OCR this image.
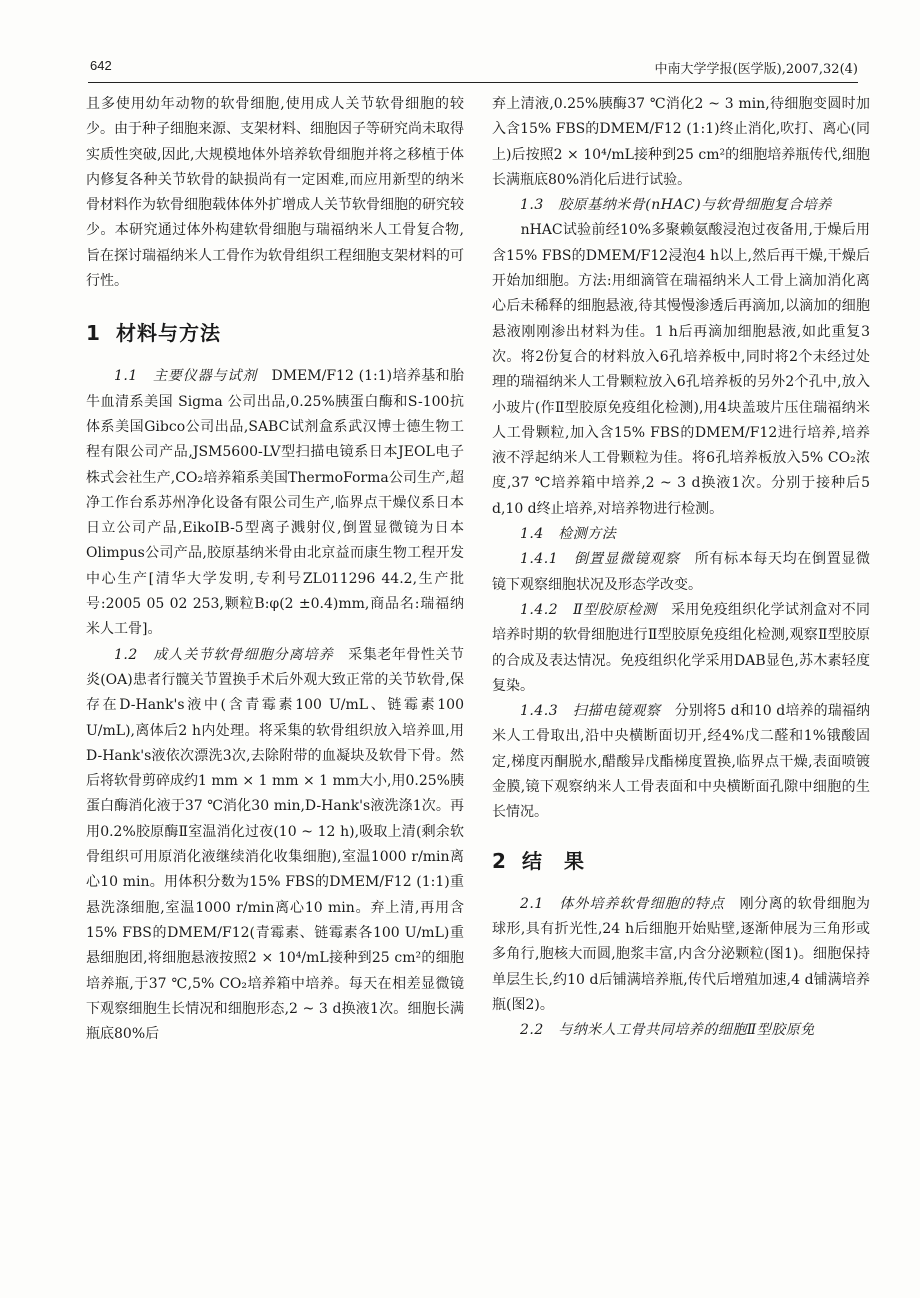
642	中南大学学报(医学版),2007,32(4)

且多使用幼年动物的软骨细胞,使用成人关节软骨细胞的较少。由于种子细胞来源、支架材料、细胞因子等研究尚未取得实质性突破,因此,大规模地体外培养软骨细胞并将之移植于体内修复各种关节软骨的缺损尚有一定困难,而应用新型的纳米骨材料作为软骨细胞载体体外扩增成人关节软骨细胞的研究较少。本研究通过体外构建软骨细胞与瑞福纳米人工骨复合物,旨在探讨瑞福纳米人工骨作为软骨组织工程细胞支架材料的可行性。

1 材料与方法

1.1　主要仪器与试剂　 DMEM/F12 (1:1)培养基和胎牛血清系美国 Sigma 公司出品,0.25%胰蛋白酶和S-100抗体系美国Gibco公司出品,SABC试剂盒系武汉博士德生物工程有限公司产品,JSM5600-LV型扫描电镜系日本JEOL电子株式会社生产,CO₂培养箱系美国ThermoForma公司生产,超净工作台系苏州净化设备有限公司生产,临界点干燥仪系日本日立公司产品,EikoIB-5型离子溅射仪,倒置显微镜为日本Olimpus公司产品,胶原基纳米骨由北京益而康生物工程开发中心生产[清华大学发明,专利号ZL011296 44.2,生产批号:2005 05 02 253,颗粒B:φ(2 ±0.4)mm,商品名:瑞福纳米人工骨]。

1.2　成人关节软骨细胞分离培养　 采集老年骨性关节炎(OA)患者行髋关节置换手术后外观大致正常的关节软骨,保存在D-Hank's液中(含青霉素100 U/mL、链霉素100 U/mL),离体后2 h内处理。将采集的软骨组织放入培养皿,用D-Hank's液依次漂洗3次,去除附带的血凝块及软骨下骨。然后将软骨剪碎成约1 mm × 1 mm × 1 mm大小,用0.25%胰蛋白酶消化液于37 ℃消化30 min,D-Hank's液洗涤1次。再用0.2%胶原酶Ⅱ室温消化过夜(10 ~ 12 h),吸取上清(剩余软骨组织可用原消化液继续消化收集细胞),室温1000 r/min离心10 min。用体积分数为15% FBS的DMEM/F12 (1:1)重悬洗涤细胞,室温1000 r/min离心10 min。弃上清,再用含15% FBS的DMEM/F12(青霉素、链霉素各100 U/mL)重悬细胞团,将细胞悬液按照2 × 10⁴/mL接种到25 cm²的细胞培养瓶,于37 ℃,5% CO₂培养箱中培养。每天在相差显微镜下观察细胞生长情况和细胞形态,2 ~ 3 d换液1次。细胞长满瓶底80%后

弃上清液,0.25%胰酶37 ℃消化2 ~ 3 min,待细胞变圆时加入含15% FBS的DMEM/F12 (1:1)终止消化,吹打、离心(同上)后按照2 × 10⁴/mL接种到25 cm²的细胞培养瓶传代,细胞长满瓶底80%消化后进行试验。

1.3　胶原基纳米骨(nHAC)与软骨细胞复合培养
　　nHAC试验前经10%多聚赖氨酸浸泡过夜备用,于燥后用含15% FBS的DMEM/F12浸泡4 h以上,然后再干燥,干燥后开始加细胞。方法:用细滴管在瑞福纳米人工骨上滴加消化离心后未稀释的细胞悬液,待其慢慢渗透后再滴加,以滴加的细胞悬液刚刚渗出材料为佳。1 h后再滴加细胞悬液,如此重复3次。将2份复合的材料放入6孔培养板中,同时将2个未经过处理的瑞福纳米人工骨颗粒放入6孔培养板的另外2个孔中,放入小玻片(作Ⅱ型胶原免疫组化检测),用4块盖玻片压住瑞福纳米人工骨颗粒,加入含15% FBS的DMEM/F12进行培养,培养液不浮起纳米人工骨颗粒为佳。将6孔培养板放入5% CO₂浓度,37 ℃培养箱中培养,2 ~ 3 d换液1次。分别于接种后5 d,10 d终止培养,对培养物进行检测。

1.4　检测方法

1.4.1　倒置显微镜观察　 所有标本每天均在倒置显微镜下观察细胞状况及形态学改变。

1.4.2　Ⅱ型胶原检测　 采用免疫组织化学试剂盒对不同培养时期的软骨细胞进行Ⅱ型胶原免疫组化检测,观察Ⅱ型胶原的合成及表达情况。免疫组织化学采用DAB显色,苏木素轻度复染。

1.4.3　扫描电镜观察　 分别将5 d和10 d培养的瑞福纳米人工骨取出,沿中央横断面切开,经4%戊二醛和1%锇酸固定,梯度丙酮脱水,醋酸异戊酯梯度置换,临界点干燥,表面喷镀金膜,镜下观察纳米人工骨表面和中央横断面孔隙中细胞的生长情况。

2 结果

2.1　体外培养软骨细胞的特点　 刚分离的软骨细胞为球形,具有折光性,24 h后细胞开始贴壁,逐渐伸展为三角形或多角行,胞核大而圆,胞浆丰富,内含分泌颗粒(图1)。细胞保持单层生长,约10 d后铺满培养瓶,传代后增殖加速,4 d铺满培养瓶(图2)。

2.2　与纳米人工骨共同培养的细胞Ⅱ型胶原免
